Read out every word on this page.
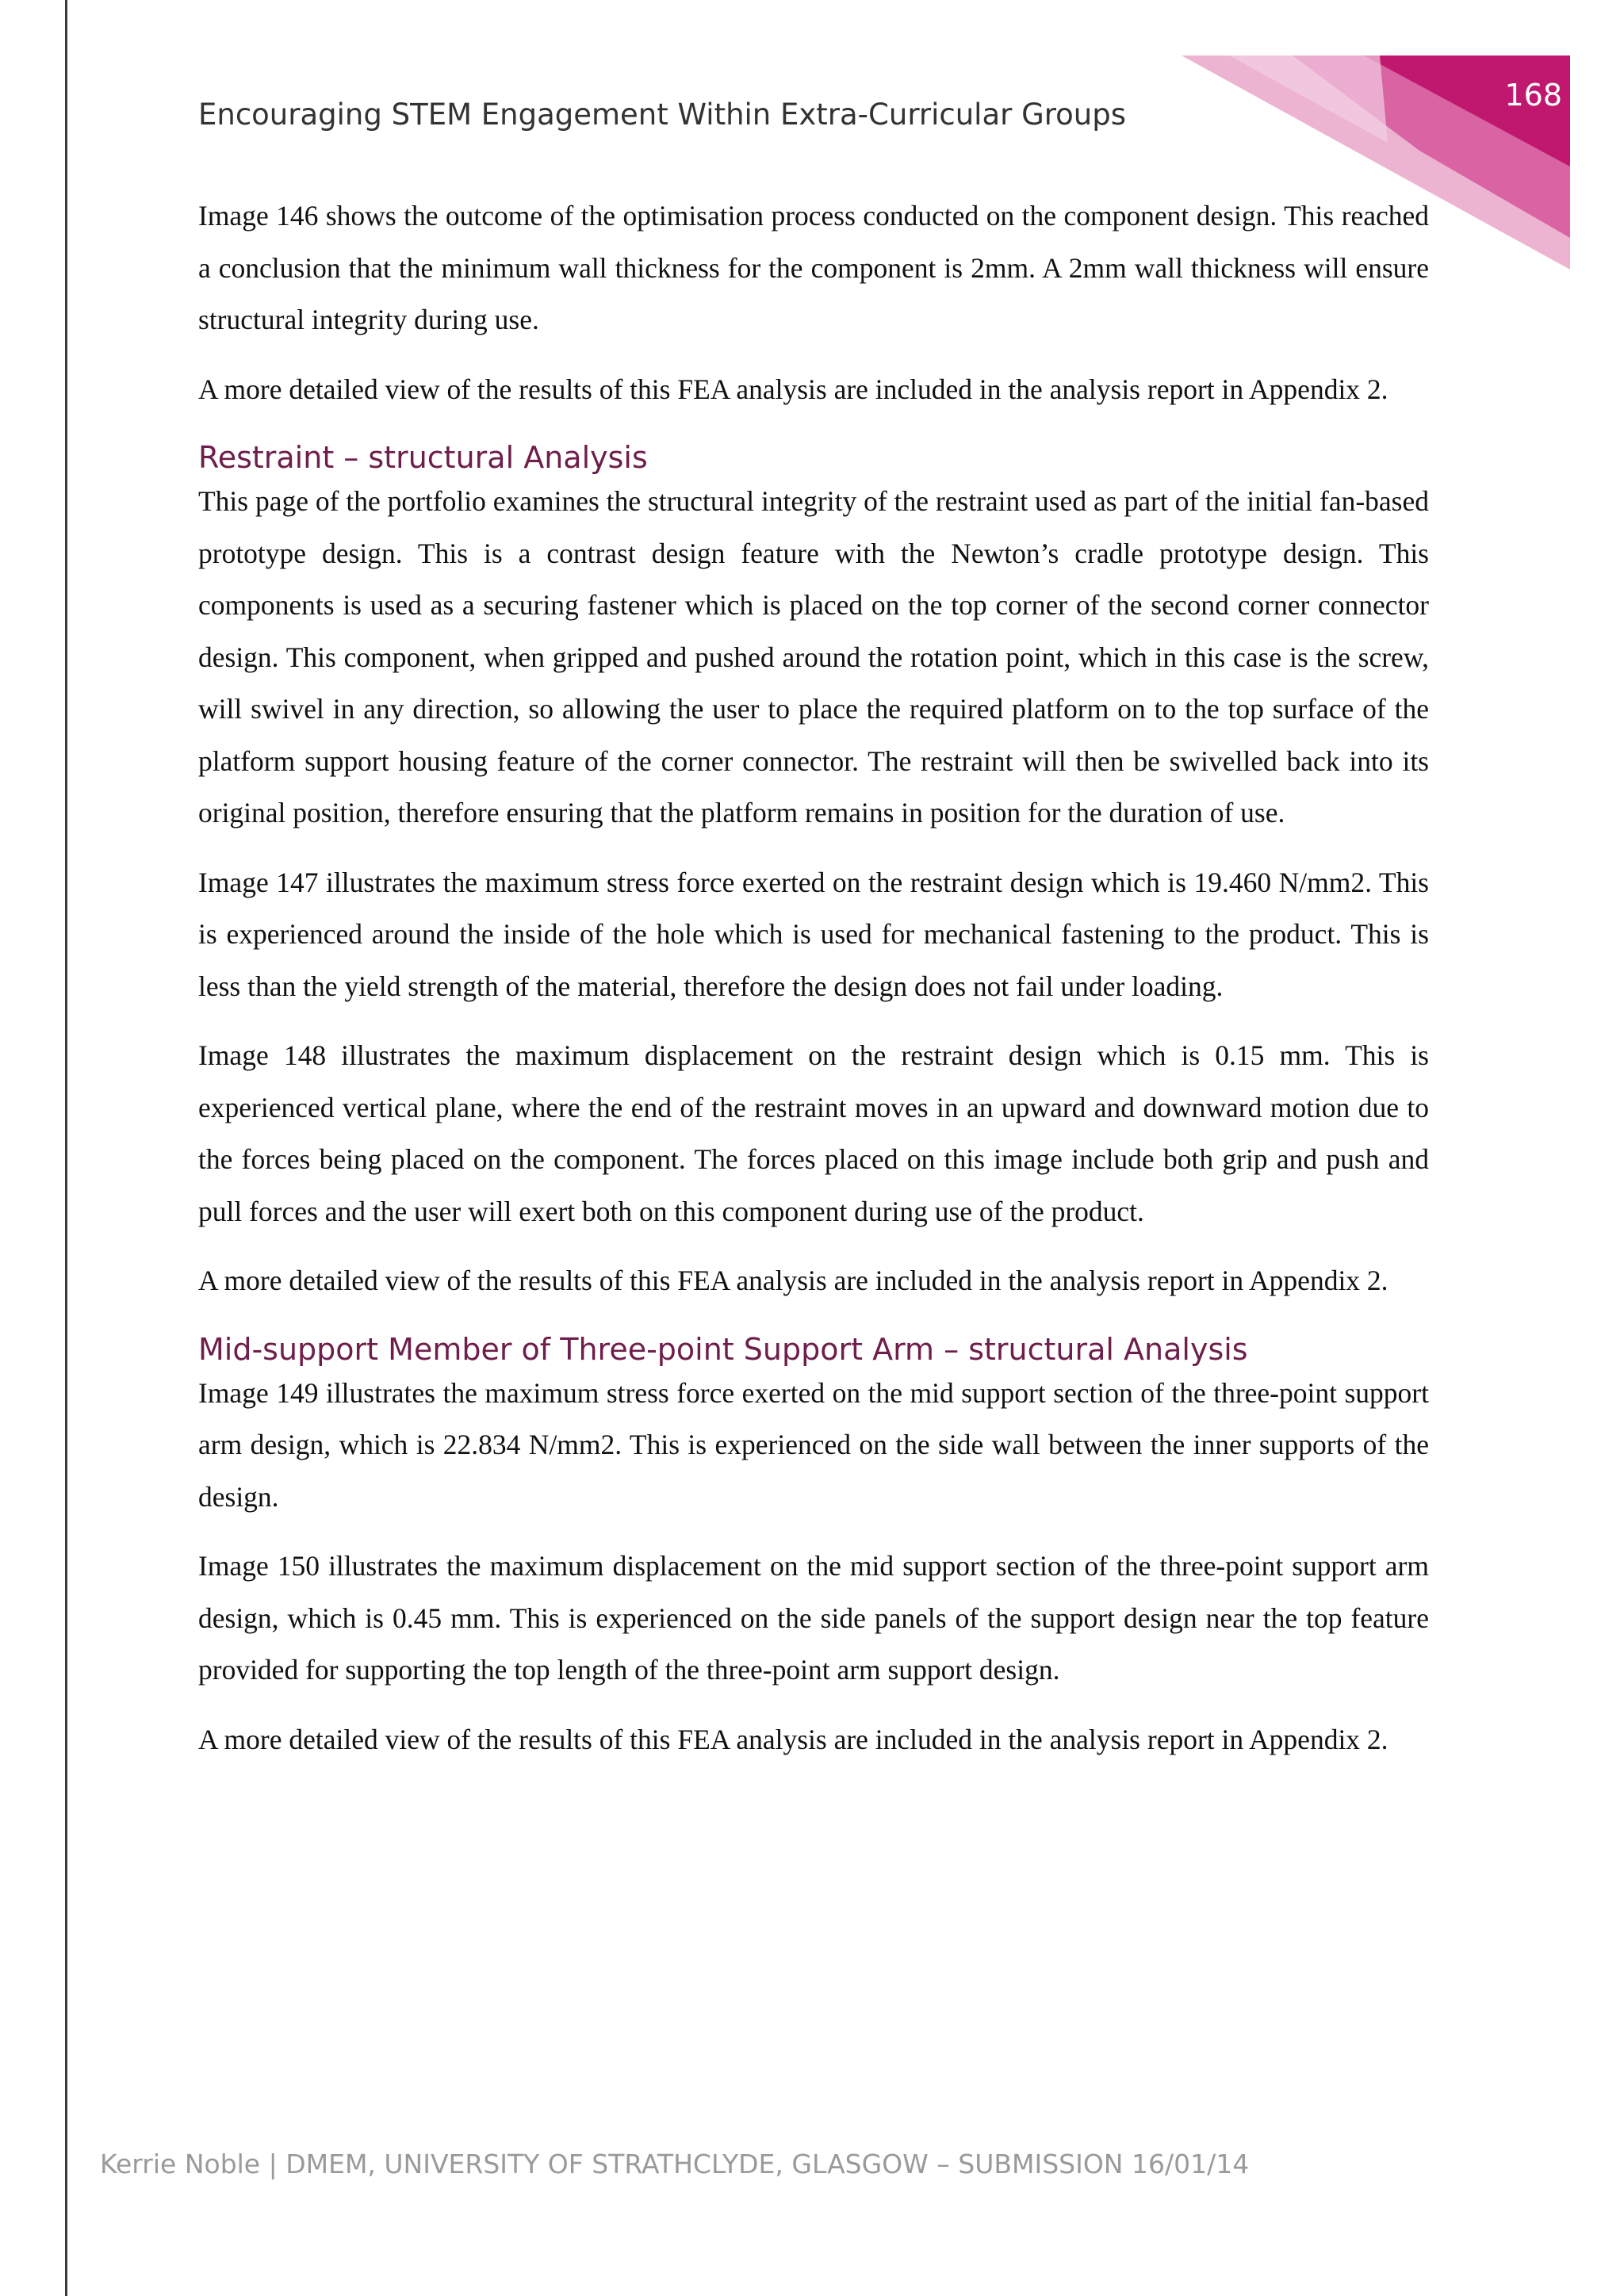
168
Encouraging STEM Engagement Within Extra-Curricular Groups

Image 146 shows the outcome of the optimisation process conducted on the component design. This reached a conclusion that the minimum wall thickness for the component is 2mm. A 2mm wall thickness will ensure structural integrity during use.

A more detailed view of the results of this FEA analysis are included in the analysis report in Appendix 2.

Restraint – structural Analysis

This page of the portfolio examines the structural integrity of the restraint used as part of the initial fan-based prototype design. This is a contrast design feature with the Newton’s cradle prototype design. This components is used as a securing fastener which is placed on the top corner of the second corner connector design. This component, when gripped and pushed around the rotation point, which in this case is the screw, will swivel in any direction, so allowing the user to place the required platform on to the top surface of the platform support housing feature of the corner connector. The restraint will then be swivelled back into its original position, therefore ensuring that the platform remains in position for the duration of use.

Image 147 illustrates the maximum stress force exerted on the restraint design which is 19.460 N/mm2. This is experienced around the inside of the hole which is used for mechanical fastening to the product. This is less than the yield strength of the material, therefore the design does not fail under loading.

Image 148 illustrates the maximum displacement on the restraint design which is 0.15 mm. This is experienced vertical plane, where the end of the restraint moves in an upward and downward motion due to the forces being placed on the component. The forces placed on this image include both grip and push and pull forces and the user will exert both on this component during use of the product.

A more detailed view of the results of this FEA analysis are included in the analysis report in Appendix 2.

Mid-support Member of Three-point Support Arm – structural Analysis

Image 149 illustrates the maximum stress force exerted on the mid support section of the three-point support arm design, which is 22.834 N/mm2. This is experienced on the side wall between the inner supports of the design.

Image 150 illustrates the maximum displacement on the mid support section of the three-point support arm design, which is 0.45 mm. This is experienced on the side panels of the support design near the top feature provided for supporting the top length of the three-point arm support design.

A more detailed view of the results of this FEA analysis are included in the analysis report in Appendix 2.

Kerrie Noble | DMEM, UNIVERSITY OF STRATHCLYDE, GLASGOW – SUBMISSION 16/01/14
